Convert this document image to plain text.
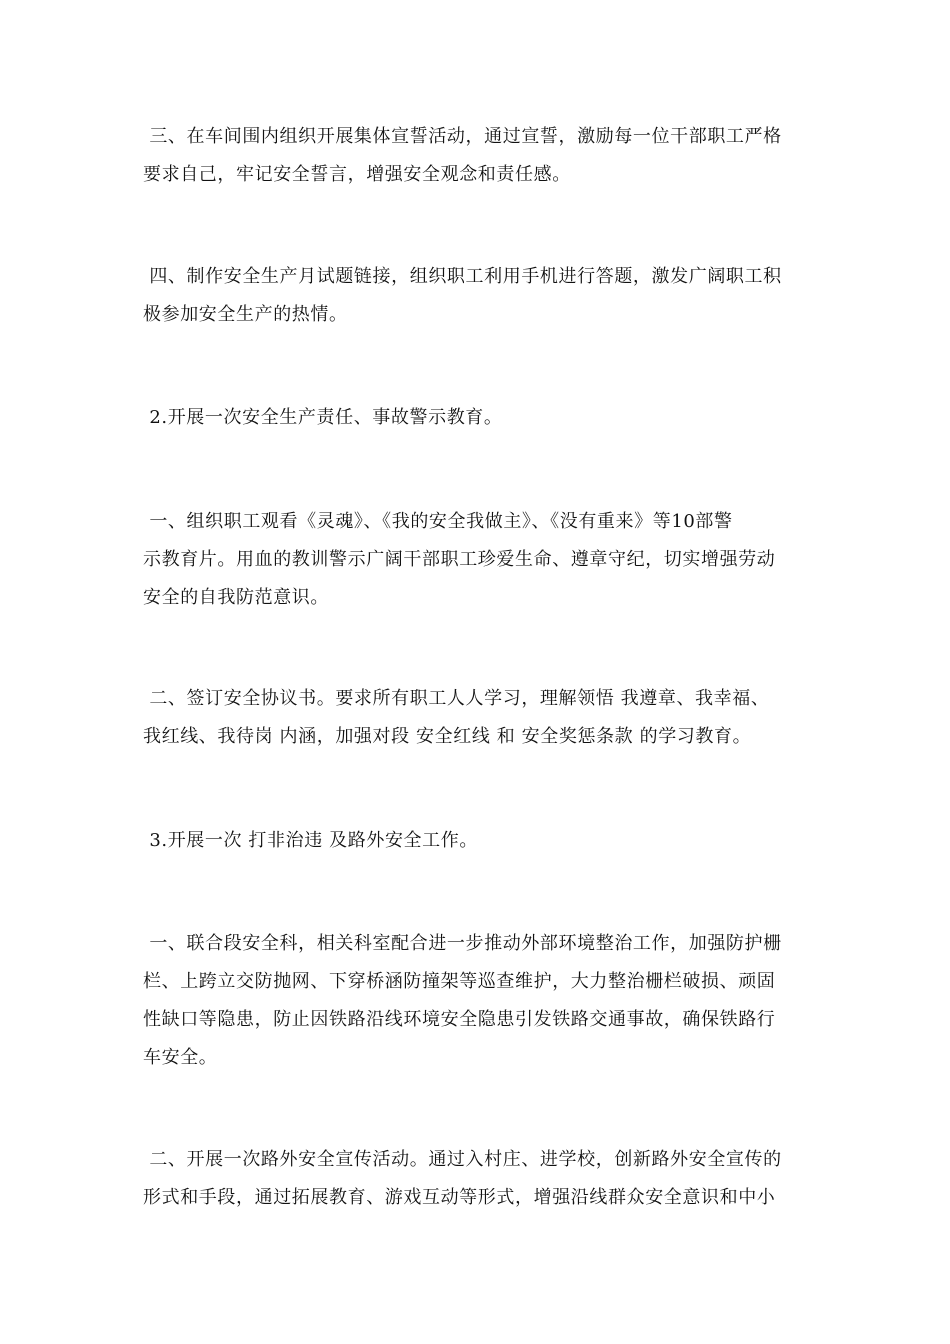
三、在车间围内组织开展集体宣誓活动，通过宣誓，激励每一位干部职工严格
要求自己，牢记安全誓言，增强安全观念和责任感。
四、制作安全生产月试题链接，组织职工利用手机进行答题，激发广阔职工积
极参加安全生产的热情。
2.开展一次安全生产责任、事故警示教育。
一、组织职工观看《灵魂》、《我的安全我做主》、《没有重来》等10部警
示教育片。用血的教训警示广阔干部职工珍爱生命、遵章守纪，切实增强劳动
安全的自我防范意识。
二、签订安全协议书。要求所有职工人人学习，理解领悟 我遵章、我幸福、
我红线、我待岗 内涵，加强对段 安全红线 和 安全奖惩条款 的学习教育。
3.开展一次 打非治违 及路外安全工作。
一、联合段安全科，相关科室配合进一步推动外部环境整治工作，加强防护栅
栏、上跨立交防抛网、下穿桥涵防撞架等巡查维护，大力整治栅栏破损、顽固
性缺口等隐患，防止因铁路沿线环境安全隐患引发铁路交通事故，确保铁路行
车安全。
二、开展一次路外安全宣传活动。通过入村庄、进学校，创新路外安全宣传的
形式和手段，通过拓展教育、游戏互动等形式，增强沿线群众安全意识和中小
